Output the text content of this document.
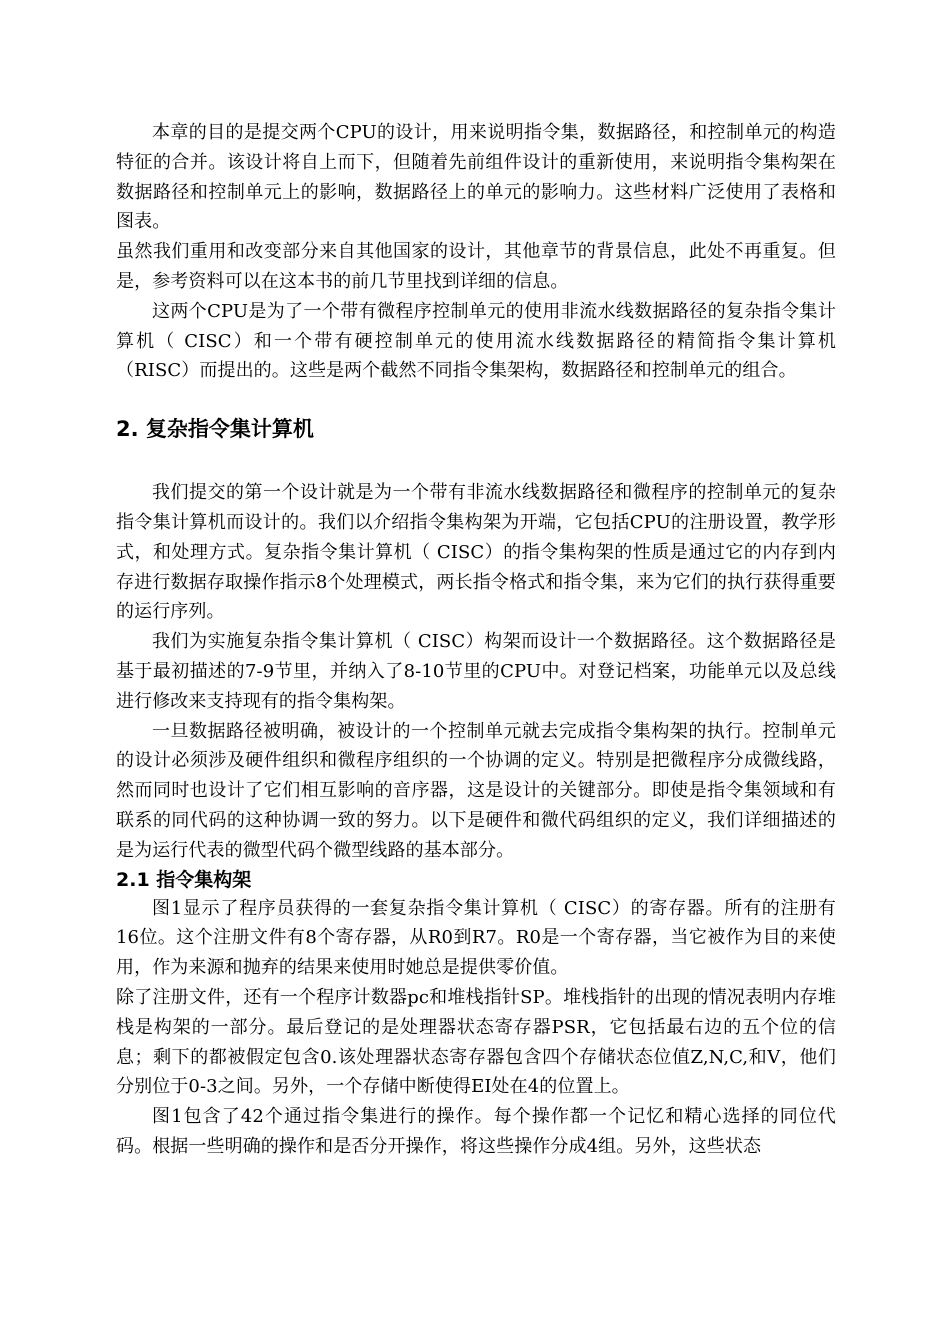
本章的目的是提交两个CPU的设计，用来说明指令集，数据路径，和控制单元的构造特征的合并。该设计将自上而下，但随着先前组件设计的重新使用，来说明指令集构架在数据路径和控制单元上的影响，数据路径上的单元的影响力。这些材料广泛使用了表格和图表。

虽然我们重用和改变部分来自其他国家的设计，其他章节的背景信息，此处不再重复。但是，参考资料可以在这本书的前几节里找到详细的信息。

这两个CPU是为了一个带有微程序控制单元的使用非流水线数据路径的复杂指令集计算机（ CISC）和一个带有硬控制单元的使用流水线数据路径的精简指令集计算机（RISC）而提出的。这些是两个截然不同指令集架构，数据路径和控制单元的组合。

2. 复杂指令集计算机

我们提交的第一个设计就是为一个带有非流水线数据路径和微程序的控制单元的复杂指令集计算机而设计的。我们以介绍指令集构架为开端，它包括CPU的注册设置，教学形式，和处理方式。复杂指令集计算机（ CISC）的指令集构架的性质是通过它的内存到内存进行数据存取操作指示8个处理模式，两长指令格式和指令集，来为它们的执行获得重要的运行序列。

我们为实施复杂指令集计算机（ CISC）构架而设计一个数据路径。这个数据路径是基于最初描述的7-9节里，并纳入了8-10节里的CPU中。对登记档案，功能单元以及总线进行修改来支持现有的指令集构架。

一旦数据路径被明确，被设计的一个控制单元就去完成指令集构架的执行。控制单元的设计必须涉及硬件组织和微程序组织的一个协调的定义。特别是把微程序分成微线路，然而同时也设计了它们相互影响的音序器，这是设计的关键部分。即使是指令集领域和有联系的同代码的这种协调一致的努力。以下是硬件和微代码组织的定义，我们详细描述的是为运行代表的微型代码个微型线路的基本部分。

2.1 指令集构架

图1显示了程序员获得的一套复杂指令集计算机（ CISC）的寄存器。所有的注册有16位。这个注册文件有8个寄存器，从R0到R7。R0是一个寄存器，当它被作为目的来使用，作为来源和抛弃的结果来使用时她总是提供零价值。

除了注册文件，还有一个程序计数器pc和堆栈指针SP。堆栈指针的出现的情况表明内存堆栈是构架的一部分。最后登记的是处理器状态寄存器PSR，它包括最右边的五个位的信息；剩下的都被假定包含0.该处理器状态寄存器包含四个存储状态位值Z,N,C,和V，他们分别位于0-3之间。另外，一个存储中断使得EI处在4的位置上。

图1包含了42个通过指令集进行的操作。每个操作都一个记忆和精心选择的同位代码。根据一些明确的操作和是否分开操作，将这些操作分成4组。另外，这些状态
